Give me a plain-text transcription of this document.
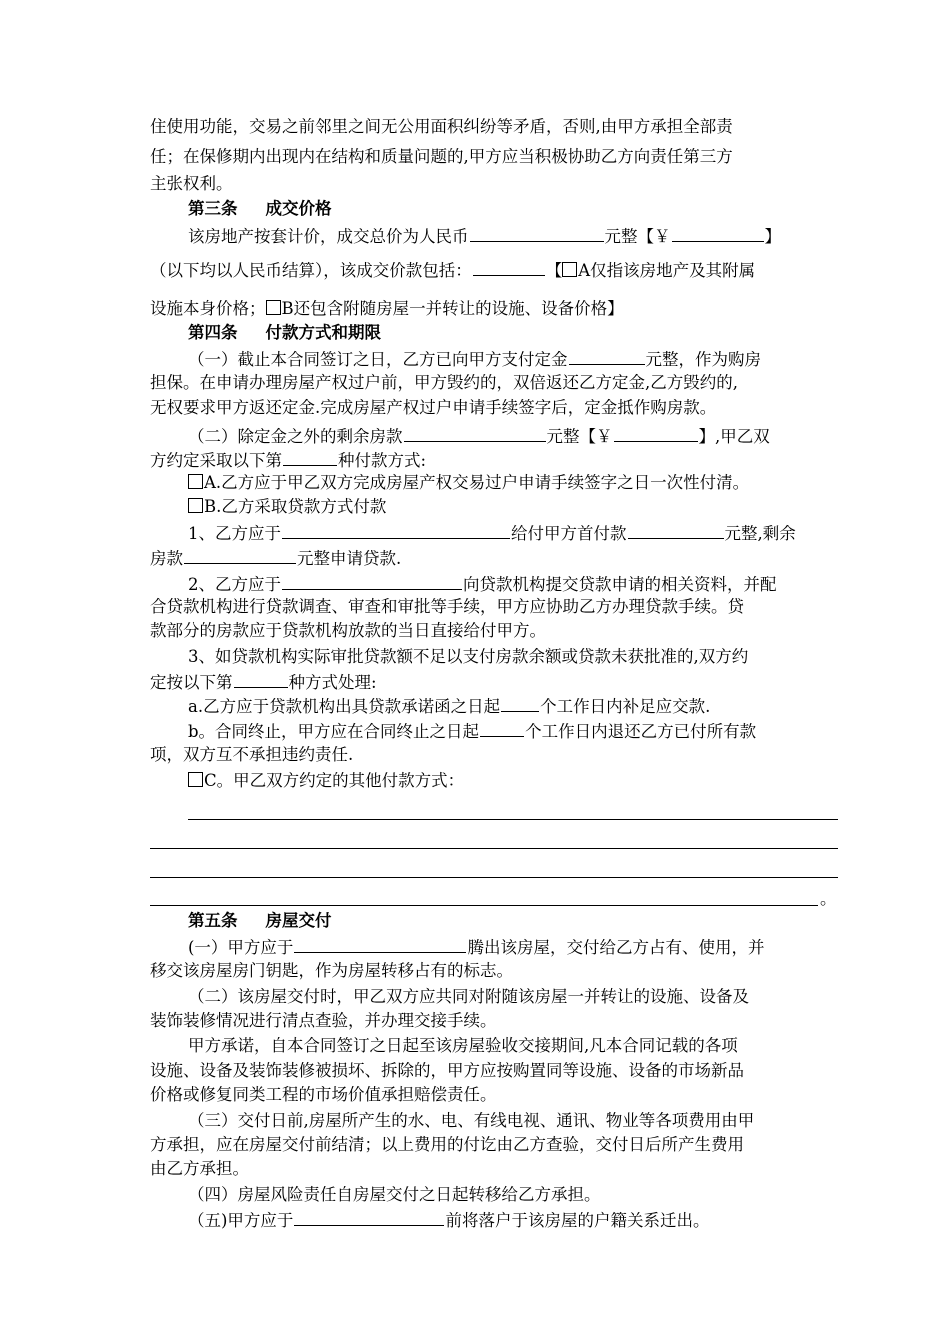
住使用功能，交易之前邻里之间无公用面积纠纷等矛盾，否则,由甲方承担全部责
任；在保修期内出现内在结构和质量问题的,甲方应当积极协助乙方向责任第三方
主张权利。
第三条 成交价格
该房地产按套计价，成交总价为人民币	元整【￥	】
（以下均以人民币结算），该成交价款包括：	【 A仅指该房地产及其附属
设施本身价格； B还包含附随房屋一并转让的设施、设备价格】
第四条 付款方式和期限
（一）截止本合同签订之日，乙方已向甲方支付定金	元整，作为购房
担保。在申请办理房屋产权过户前，甲方毁约的，双倍返还乙方定金,乙方毁约的,
无权要求甲方返还定金.完成房屋产权过户申请手续签字后，定金抵作购房款。
（二）除定金之外的剩余房款	元整【￥	】,甲乙双
方约定采取以下第	种付款方式:
A.乙方应于甲乙双方完成房屋产权交易过户申请手续签字之日一次性付清。
B.乙方采取贷款方式付款
1、乙方应于	给付甲方首付款	元整,剩余
房款	元整申请贷款.
2、乙方应于	向贷款机构提交贷款申请的相关资料，并配
合贷款机构进行贷款调查、审查和审批等手续，甲方应协助乙方办理贷款手续。贷
款部分的房款应于贷款机构放款的当日直接给付甲方。
3、如贷款机构实际审批贷款额不足以支付房款余额或贷款未获批准的,双方约
定按以下第	种方式处理:
a.乙方应于贷款机构出具贷款承诺函之日起 个工作日内补足应交款.
b。合同终止，甲方应在合同终止之日起	个工作日内退还乙方已付所有款
项，双方互不承担违约责任.
C。甲乙双方约定的其他付款方式：
。
第五条 房屋交付
(一）甲方应于	腾出该房屋，交付给乙方占有、使用，并
移交该房屋房门钥匙，作为房屋转移占有的标志。
（二）该房屋交付时，甲乙双方应共同对附随该房屋一并转让的设施、设备及
装饰装修情况进行清点查验，并办理交接手续。
甲方承诺，自本合同签订之日起至该房屋验收交接期间,凡本合同记载的各项
设施、设备及装饰装修被损坏、拆除的，甲方应按购置同等设施、设备的市场新品
价格或修复同类工程的市场价值承担赔偿责任。
（三）交付日前,房屋所产生的水、电、有线电视、通讯、物业等各项费用由甲
方承担，应在房屋交付前结清；以上费用的付讫由乙方查验，交付日后所产生费用
由乙方承担。
（四）房屋风险责任自房屋交付之日起转移给乙方承担。
（五)甲方应于	前将落户于该房屋的户籍关系迁出。
